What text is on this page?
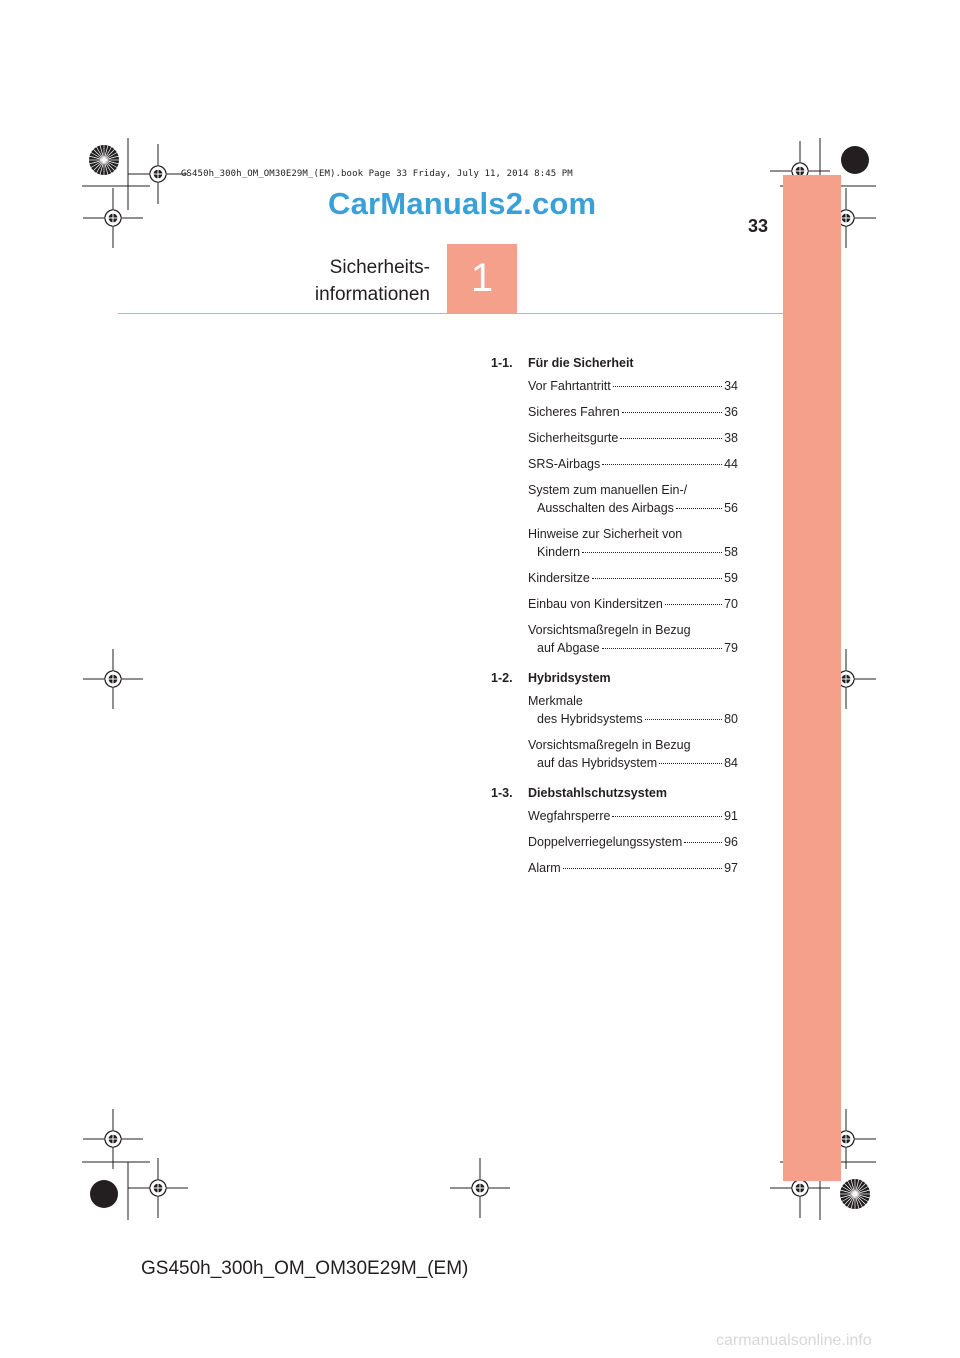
GS450h_300h_OM_OM30E29M_(EM).book Page 33 Friday, July 11, 2014 8:45 PM
CarManuals2.com
33
Sicherheits-
informationen 1
1-1.	Für die Sicherheit
Vor Fahrtantritt	34
Sicheres Fahren	36
Sicherheitsgurte	38
SRS-Airbags	44
System zum manuellen Ein-/
Ausschalten des Airbags	56
Hinweise zur Sicherheit von
Kindern	58
Kindersitze	59
Einbau von Kindersitzen	70
Vorsichtsmaßregeln in Bezug
auf Abgase	79
1-2.	Hybridsystem
Merkmale
des Hybridsystems	80
Vorsichtsmaßregeln in Bezug
auf das Hybridsystem	84
1-3.	Diebstahlschutzsystem
Wegfahrsperre	91
Doppelverriegelungssystem	96
Alarm	97
GS450h_300h_OM_OM30E29M_(EM)
carmanualsonline.info
